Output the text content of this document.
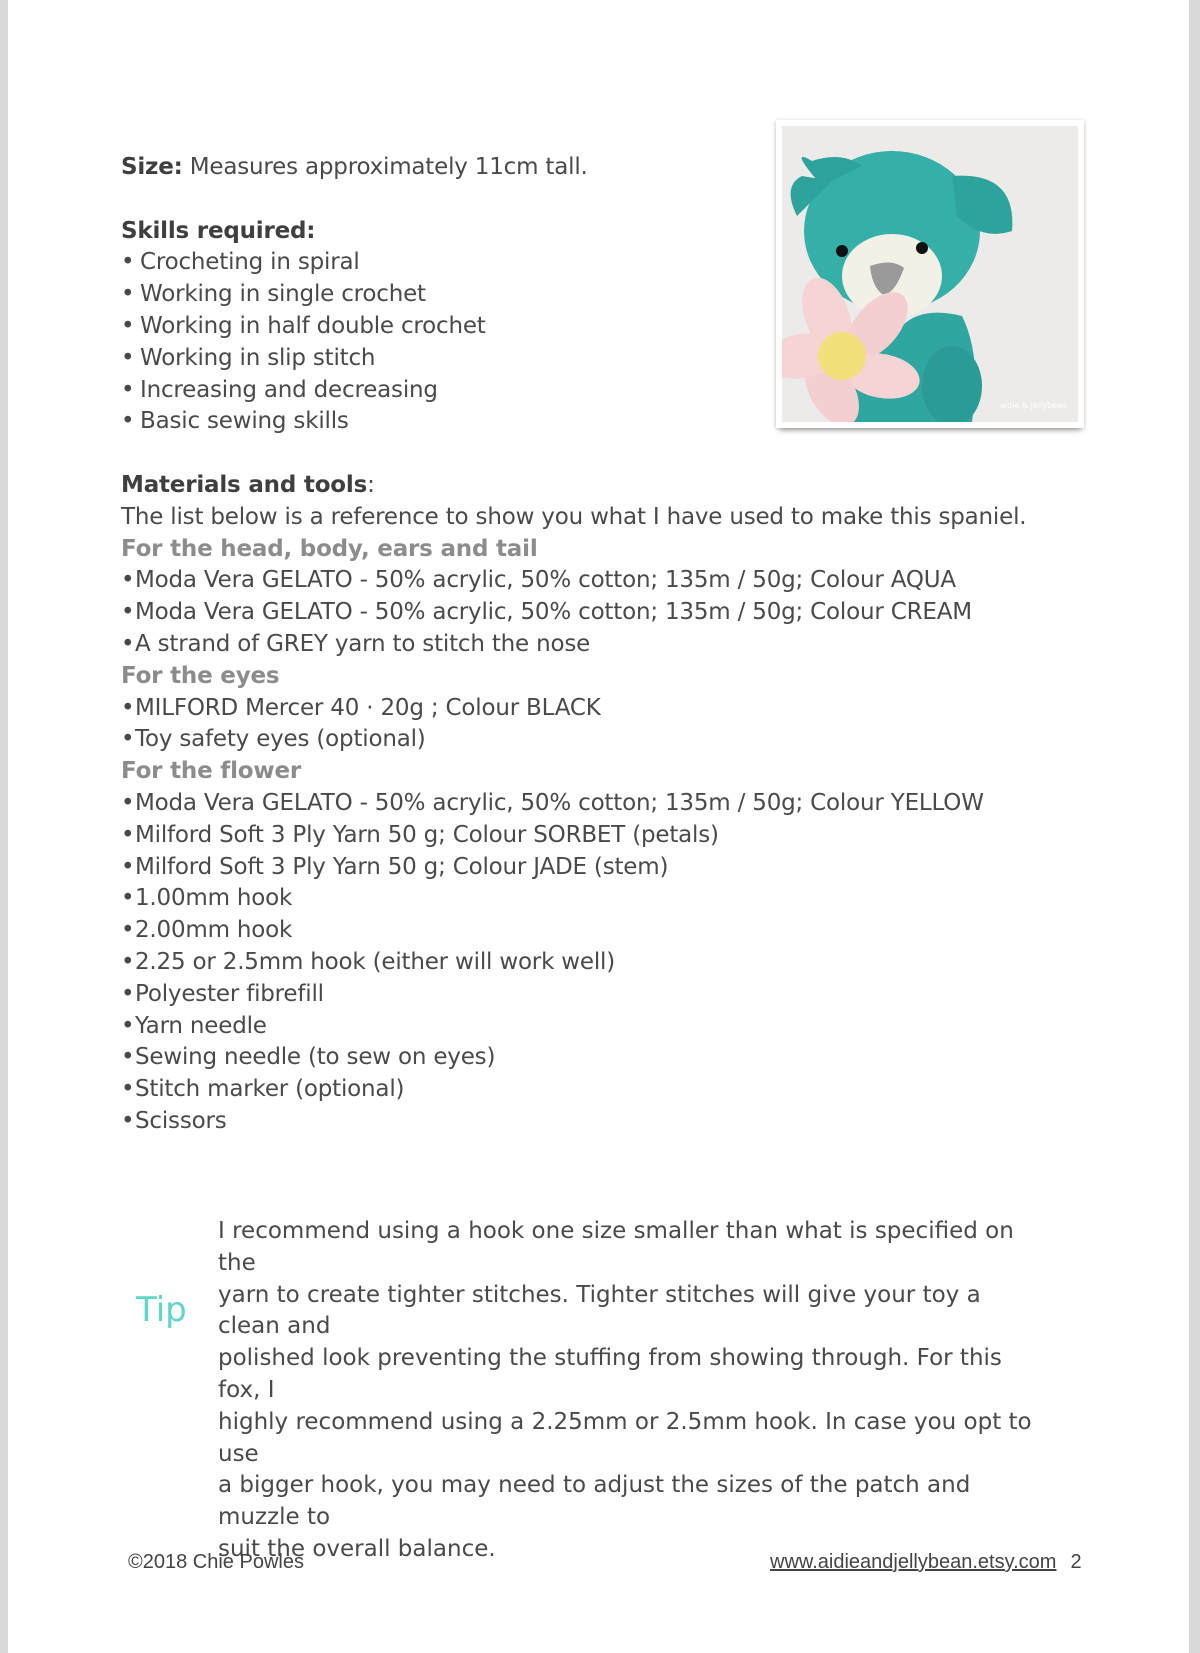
aidie & jellybean

Size: Measures approximately 11cm tall.

Skills required:

• Crocheting in spiral

• Working in single crochet

• Working in half double crochet

• Working in slip stitch

• Increasing and decreasing

• Basic sewing skills

Materials and tools:

The list below is a reference to show you what I have used to make this spaniel.

For the head, body, ears and tail

•Moda Vera GELATO - 50% acrylic, 50% cotton; 135m / 50g; Colour AQUA

•Moda Vera GELATO - 50% acrylic, 50% cotton; 135m / 50g; Colour CREAM

•A strand of GREY yarn to stitch the nose

For the eyes

•MILFORD Mercer 40 · 20g ; Colour BLACK

•Toy safety eyes (optional)

For the flower

•Moda Vera GELATO - 50% acrylic, 50% cotton; 135m / 50g; Colour YELLOW

•Milford Soft 3 Ply Yarn 50 g; Colour SORBET (petals)

•Milford Soft 3 Ply Yarn 50 g; Colour JADE (stem)

•1.00mm hook

•2.00mm hook

•2.25 or 2.5mm hook (either will work well)

•Polyester fibrefill

•Yarn needle

•Sewing needle (to sew on eyes)

•Stitch marker (optional)

•Scissors

Tip

I recommend using a hook one size smaller than what is specified on the

yarn to create tighter stitches. Tighter stitches will give your toy a clean and

polished look preventing the stuffing from showing through. For this fox, I

highly recommend using a 2.25mm or 2.5mm hook. In case you opt to use

a bigger hook, you may need to adjust the sizes of the patch and muzzle to

suit the overall balance.

©2018 Chie Powles	www.aidieandjellybean.etsy.com 2
